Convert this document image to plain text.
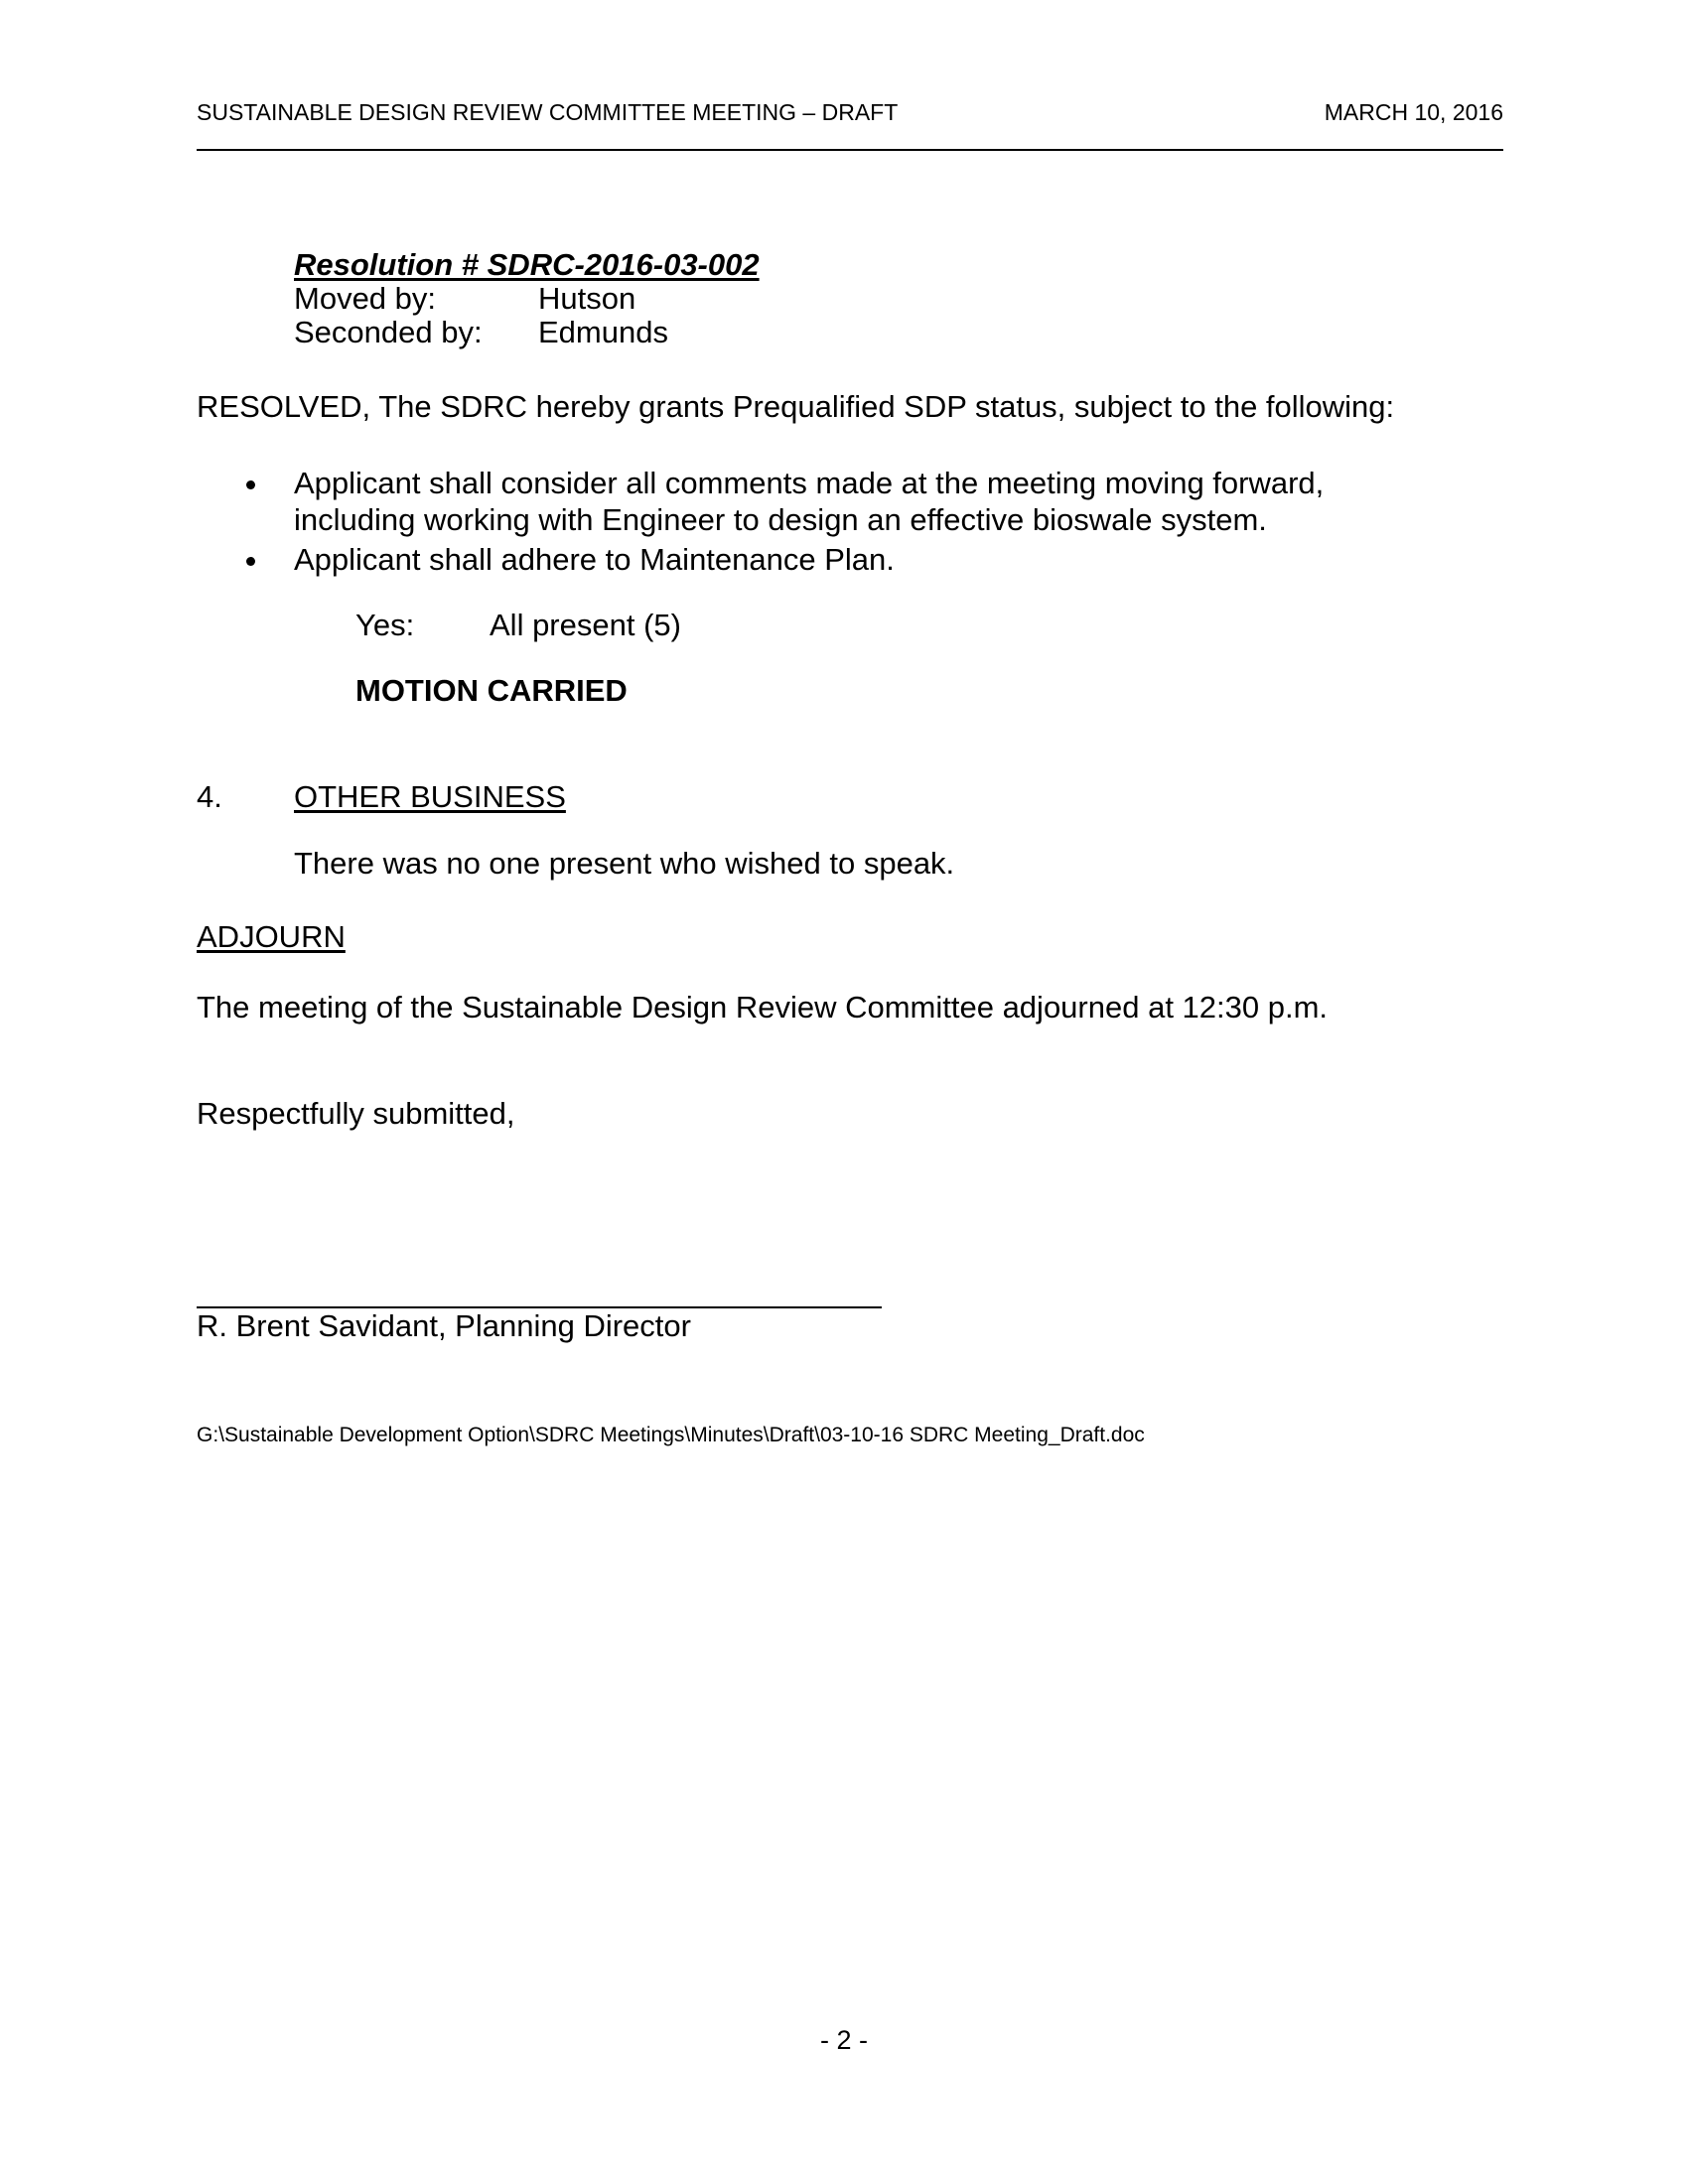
SUSTAINABLE DESIGN REVIEW COMMITTEE MEETING – DRAFT	MARCH 10, 2016
Resolution # SDRC-2016-03-002
Moved by:	Hutson
Seconded by: Edmunds
RESOLVED, The SDRC hereby grants Prequalified SDP status, subject to the following:
Applicant shall consider all comments made at the meeting moving forward,
including working with Engineer to design an effective bioswale system.
Applicant shall adhere to Maintenance Plan.
Yes: All present (5)
MOTION CARRIED
4. OTHER BUSINESS
There was no one present who wished to speak.
ADJOURN
The meeting of the Sustainable Design Review Committee adjourned at 12:30 p.m.
Respectfully submitted,
R. Brent Savidant, Planning Director
G:\Sustainable Development Option\SDRC Meetings\Minutes\Draft\03-10-16 SDRC Meeting_Draft.doc
- 2 -
